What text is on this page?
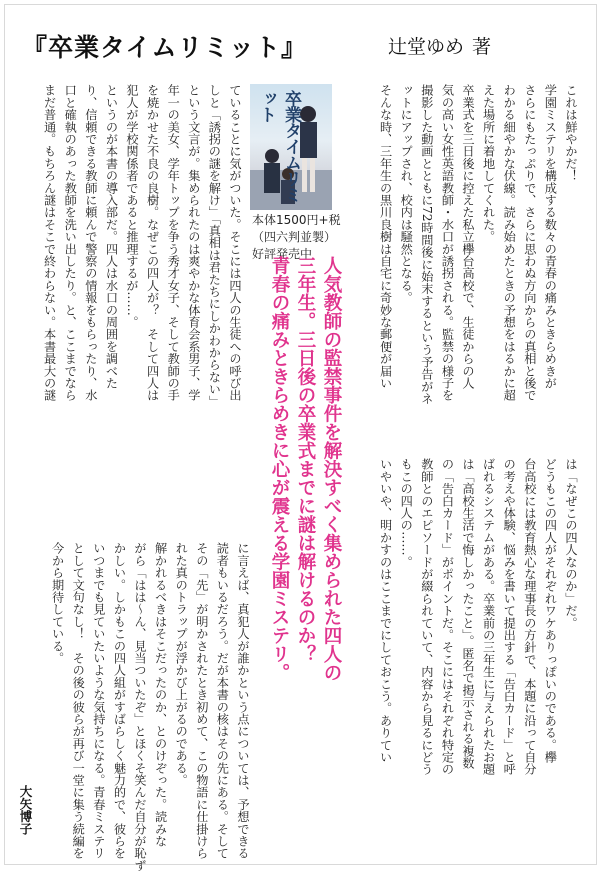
『卒業タイムリミット』	辻堂ゆめ 著
これは鮮やかだ！
学園ミステリを構成する数々の青春の痛みときらめきが
さらにもたっぷりで、さらに思わぬ方向からの真相と後で
わかる細やかな伏線。読み始めたときの予想をはるかに超
えた場所に着地してくれた。
卒業式を三日後に控えた私立欅台高校で、生徒からの人
気の高い女性英語教師・水口が誘拐される。監禁の様子を
撮影した動画とともに72時間後に始末するという予告がネ
ットにアップされ、校内は騒然となる。
そんな時、三年生の黒川良樹は自宅に奇妙な郵便が届い
卒業タイムリミット
本体1500円+税
（四六判並製）
好評発売中
ていることに気がついた。そこには四人の生徒への呼び出
しと「誘拐の謎を解け」「真相は君たちにしかわからない」
という文言が。集められたのは爽やかな体育会系男子、学
年一の美女、学年トップを争う秀才女子、そして教師の手
を焼かせた不良の良樹。なぜこの四人が？　そして四人は
犯人が学校関係者であると推理するが……。
というのが本書の導入部だ。四人は水口の周囲を調べた
り、信頼できる教師に頼んで警察の情報をもらったり、水
口と確執のあった教師を洗い出したり。と、ここまでなら
まだ普通。もちろん謎はそこで終わらない。本書最大の謎
人気教師の監禁事件を解決すべく集められた四人の
三年生。三日後の卒業式までに謎は解けるのか？
青春の痛みときらめきに心が震える学園ミステリ。	は「なぜこの四人なのか」だ。
どうもこの四人がそれぞれワケありっぽいのである。欅
台高校には教育熱心な理事長の方針で、本題に沿って自分
の考えや体験、悩みを書いて提出する「告白カード」と呼
ばれるシステムがある。卒業前の三年生に与えられたお題
は「高校生活で悔しかったこと」。匿名で掲示される複数
の「告白カード」がポイントだ。そこにはそれぞれ特定の
教師とのエピソードが綴られていて、内容から見るにどう
もこの四人の……。
いやいや、明かすのはここまでにしておこう。ありてい
に言えば、真犯人が誰かという点については、予想できる
読者もいるだろう。だが本書の核はその先にある。そして
その「先」が明かされたとき初めて、この物語に仕掛けら
れた真のトラップが浮かび上がるのである。
解かれるべきはそこだったのか、とのけぞった。読みな
がら「はは〜ん、見当ついたぞ」とほくそ笑んだ自分が恥ず
かしい。しかもこの四人組がすばらしく魅力的で、彼らを
いつまでも見ていたいような気持ちになる。青春ミステリ
として文句なし！　その後の彼らが再び一堂に集う続編を
今から期待している。
大矢博子
